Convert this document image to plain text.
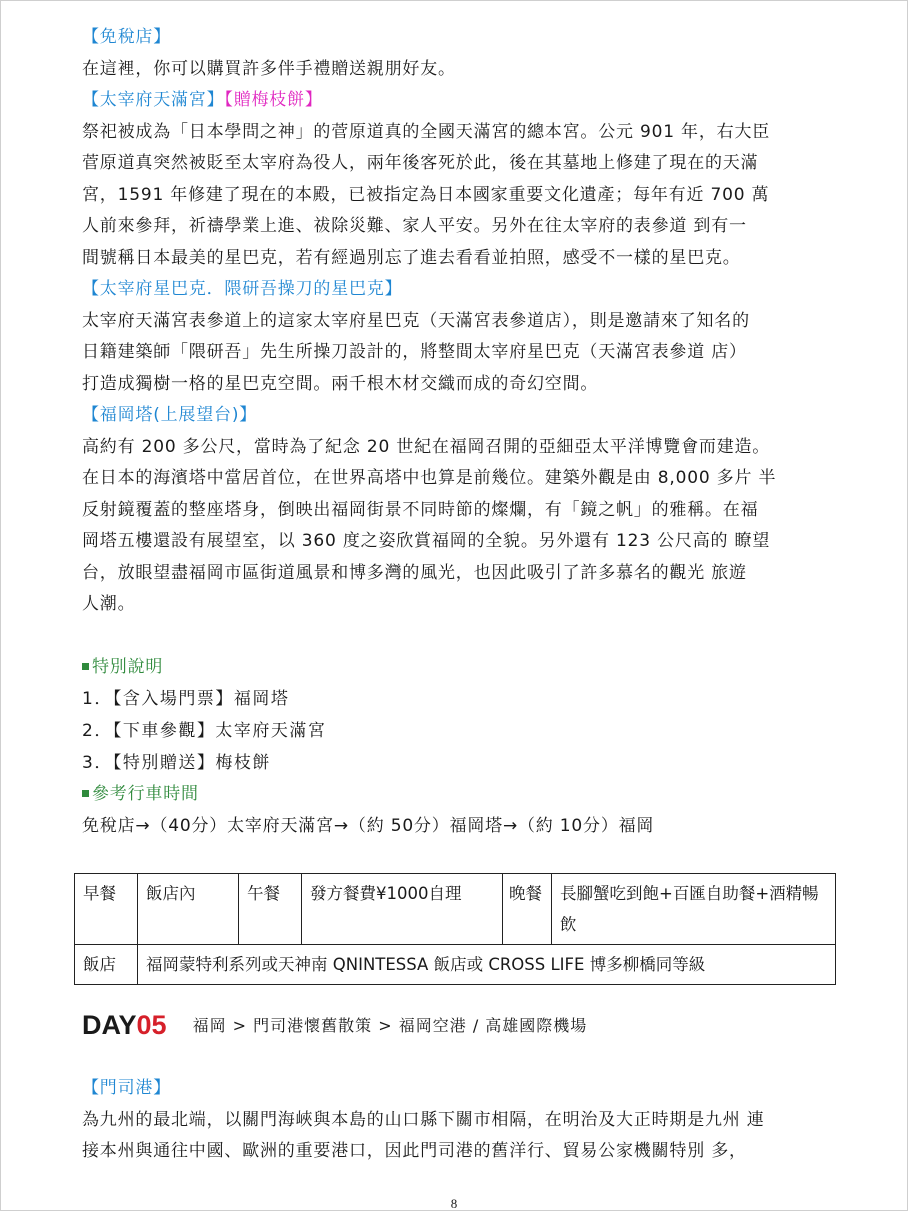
【免稅店】
在這裡，你可以購買許多伴手禮贈送親朋好友。
【太宰府天滿宮】【贈梅枝餅】
祭祀被成為「日本學問之神」的菅原道真的全國天滿宮的總本宮。公元 901 年，右大臣
菅原道真突然被貶至太宰府為役人，兩年後客死於此，後在其墓地上修建了現在的天滿
宮，1591 年修建了現在的本殿，已被指定為日本國家重要文化遺產；每年有近 700 萬
人前來參拜，祈禱學業上進、祓除災難、家人平安。另外在往太宰府的表參道 到有一
間號稱日本最美的星巴克，若有經過別忘了進去看看並拍照，感受不一樣的星巴克。
【太宰府星巴克．隈研吾操刀的星巴克】
太宰府天滿宮表參道上的這家太宰府星巴克（天滿宮表參道店），則是邀請來了知名的
日籍建築師「隈研吾」先生所操刀設計的，將整間太宰府星巴克（天滿宮表參道 店）
打造成獨樹一格的星巴克空間。兩千根木材交織而成的奇幻空間。
【福岡塔(上展望台)】
高約有 200 多公尺，當時為了紀念 20 世紀在福岡召開的亞細亞太平洋博覽會而建造。
在日本的海濱塔中當居首位，在世界高塔中也算是前幾位。建築外觀是由 8,000 多片 半
反射鏡覆蓋的整座塔身，倒映出福岡街景不同時節的燦爛，有「鏡之帆」的雅稱。在福
岡塔五樓還設有展望室，以 360 度之姿欣賞福岡的全貌。另外還有 123 公尺高的 瞭望
台，放眼望盡福岡市區街道風景和博多灣的風光，也因此吸引了許多慕名的觀光 旅遊
人潮。
特別說明
1．【含入場門票】福岡塔
2．【下車參觀】太宰府天滿宮
3．【特別贈送】梅枝餅
參考行車時間
免稅店→（40分）太宰府天滿宮→（約 50分）福岡塔→（約 10分）福岡
早餐	飯店內	午餐	發方餐費¥1000自理	晚餐	長腳蟹吃到飽+百匯自助餐+酒精暢飲
飯店	福岡蒙特利系列或天神南 QNINTESSA 飯店或 CROSS LIFE 博多柳橋同等級				
DAY05 福岡 > 門司港懷舊散策 > 福岡空港 / 高雄國際機場
【門司港】
為九州的最北端，以關門海峽與本島的山口縣下關市相隔，在明治及大正時期是九州 連
接本州與通往中國、歐洲的重要港口，因此門司港的舊洋行、貿易公家機關特別 多，
8
